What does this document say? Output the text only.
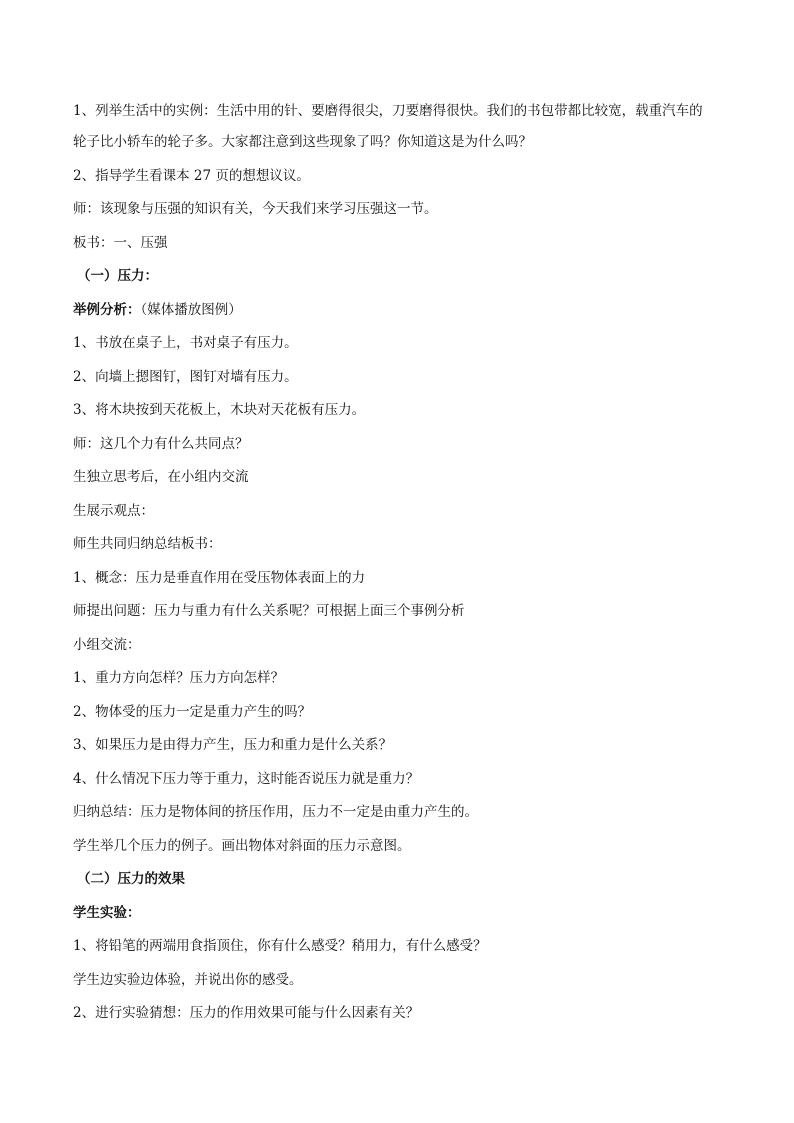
1、列举生活中的实例：生活中用的针、要磨得很尖，刀要磨得很快。我们的书包带都比较宽，载重汽车的

轮子比小轿车的轮子多。大家都注意到这些现象了吗？你知道这是为什么吗？

2、指导学生看课本 27 页的想想议议。

师：该现象与压强的知识有关，今天我们来学习压强这一节。

板书：一、压强

（一）压力：

举例分析：（媒体播放图例）

1、书放在桌子上，书对桌子有压力。

2、向墙上摁图钉，图钉对墙有压力。

3、将木块按到天花板上，木块对天花板有压力。

师：这几个力有什么共同点？

生独立思考后，在小组内交流

生展示观点：

师生共同归纳总结板书：

1、概念：压力是垂直作用在受压物体表面上的力

师提出问题：压力与重力有什么关系呢？可根据上面三个事例分析

小组交流：

1、重力方向怎样？压力方向怎样？

2、物体受的压力一定是重力产生的吗？

3、如果压力是由得力产生，压力和重力是什么关系？

4、什么情况下压力等于重力，这时能否说压力就是重力？

归纳总结：压力是物体间的挤压作用，压力不一定是由重力产生的。

学生举几个压力的例子。画出物体对斜面的压力示意图。

（二）压力的效果

学生实验：

1、将铅笔的两端用食指顶住，你有什么感受？稍用力，有什么感受？

学生边实验边体验，并说出你的感受。

2、进行实验猜想：压力的作用效果可能与什么因素有关？
